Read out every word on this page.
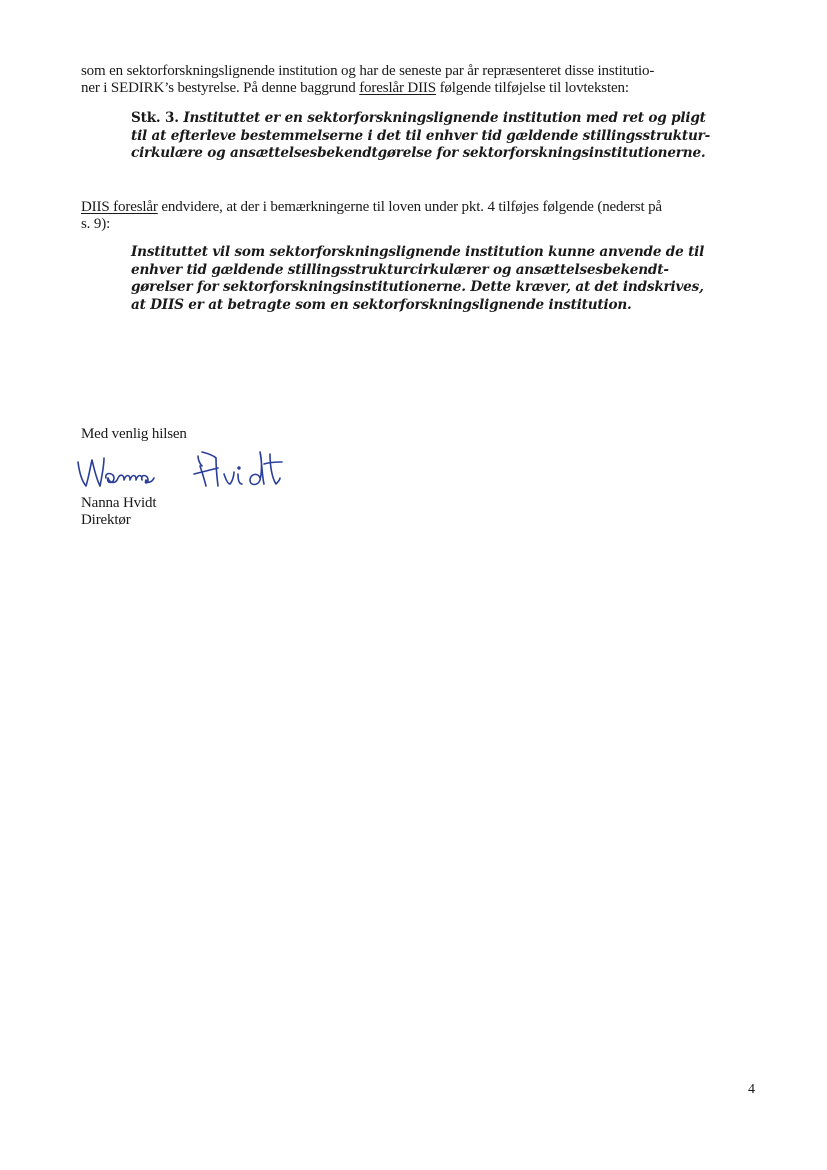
som en sektorforskningslignende institution og har de seneste par år repræsenteret disse institutio-
ner i SEDIRK’s bestyrelse. På denne baggrund foreslår DIIS følgende tilføjelse til lovteksten:
Stk. 3. Instituttet er en sektorforskningslignende institution med ret og pligt
til at efterleve bestemmelserne i det til enhver tid gældende stillingsstruktur-
cirkulære og ansættelsesbekendtgørelse for sektorforskningsinstitutionerne.
DIIS foreslår endvidere, at der i bemærkningerne til loven under pkt. 4 tilføjes følgende (nederst på
s. 9):
Instituttet vil som sektorforskningslignende institution kunne anvende de til
enhver tid gældende stillingsstrukturcirkulærer og ansættelsesbekendt-
gørelser for sektorforskningsinstitutionerne. Dette kræver, at det indskrives,
at DIIS er at betragte som en sektorforskningslignende institution.
Med venlig hilsen
Nanna Hvidt
Direktør
4
